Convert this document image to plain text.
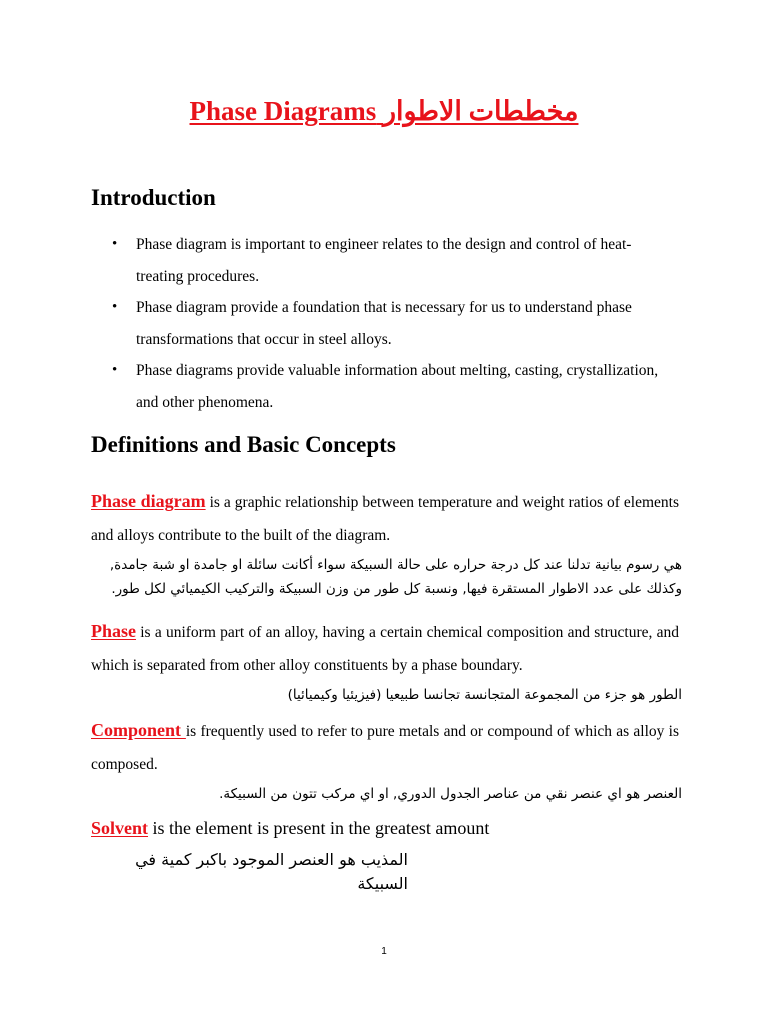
Phase Diagrams مخططات الاطوار
Introduction
• Phase diagram is important to engineer relates to the design and control of heat-treating procedures.
• Phase diagram provide a foundation that is necessary for us to understand phase transformations that occur in steel alloys.
• Phase diagrams provide valuable information about melting, casting, crystallization, and other phenomena.
Definitions and Basic Concepts
Phase diagram is a graphic relationship between temperature and weight ratios of elements and alloys contribute to the built of the diagram.
هي رسوم بيانية تدلنا عند كل درجة حراره على حالة السبيكة سواء أكانت سائلة او جامدة او شبة جامدة, وكذلك على عدد الاطوار المستقرة فيها, ونسبة كل طور من وزن السبيكة والتركيب الكيميائي لكل طور.
Phase is a uniform part of an alloy, having a certain chemical composition and structure, and which is separated from other alloy constituents by a phase boundary.
الطور هو جزء من المجموعة المتجانسة تجانسا طبيعيا (فيزيئيا وكيميائيا)
Component is frequently used to refer to pure metals and or compound of which as alloy is composed.
العنصر هو اي عنصر نقي من عناصر الجدول الدوري, او اي مركب تتون من السبيكة.
Solvent is the element is present in the greatest amount
المذيب هو العنصر الموجود باكبر كمية في السبيكة
1
